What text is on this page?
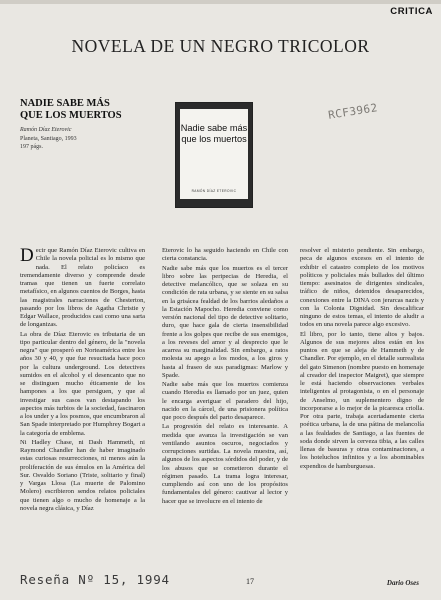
CRITICA
NOVELA DE UN NEGRO TRICOLOR
NADIE SABE MÁS
QUE LOS MUERTOS
Ramón Díaz Eterovic
Planeta, Santiago, 1993
197 págs.
Nadie sabe más
que los muertos
RAMÓN DÍAZ ETEROVIC
RCF3962

Decir que Ramón Díaz Eterovic cultiva en Chile la novela policial es lo mismo que nada. El relato policíaco es tremendamente diverso y comprende desde tramas que tienen un fuerte correlato metafísico, en algunos cuentos de Borges, hasta las magistrales narraciones de Chesterton, pasando por los libros de Agatha Christie y Edgar Wallace, producidos casi como una sarta de longanizas.

La obra de Díaz Eterovic es tributaria de un tipo particular dentro del género, de la "novela negra" que prosperó en Norteamérica entre los años 30 y 40, y que fue resucitada hace poco por la cultura underground. Los detectives sumidos en el alcohol y el desencanto que no se distinguen mucho éticamente de los hampones a los que persiguen, y que al investigar sus casos van destapando los aspectos más turbios de la sociedad, fascinaron a los under y a los posmos, que encumbraron al San Spade interpretado por Humphrey Bogart a la categoría de emblema.

Ni Hadley Chase, ni Dash Hammeth, ni Raymond Chandler han de haber imaginado estas curiosas resurrecciones, ni menos aún la proliferación de sus émulos en la América del Sur. Osvaldo Soriano (Triste, solitario y final) y Vargas Llosa (La muerte de Palomino Molero) escribieron sendos relatos policiales que tienen algo o mucho de homenaje a la novela negra clásica, y Díaz

Eterovic lo ha seguido haciendo en Chile con cierta constancia.

Nadie sabe más que los muertos es el tercer libro sobre las peripecias de Heredia, el detective melancólico, que se solaza en su condición de rata urbana, y se siente en su salsa en la grisácea fealdad de los barrios aledaños a la Estación Mapocho. Heredia conviene como versión nacional del tipo de detective solitario, duro, que hace gala de cierta insensibilidad frente a los golpes que recibe de sus enemigos, a los reveses del amor y al desprecio que le acarrea su marginalidad. Sin embargo, a ratos molesta su apego a los modos, a los giros y hasta al fraseo de sus paradigmas: Marlow y Spade.

Nadie sabe más que los muertos comienza cuando Heredia es llamado por un juez, quien le encarga averiguar el paradero del hijo, nacido en la cárcel, de una prisionera política que poco después del parto desaparece.

La progresión del relato es interesante. A medida que avanza la investigación se van ventilando asuntos oscuros, negociados y corrupciones surtidas. La novela muestra, así, algunos de los aspectos sórdidos del poder, y de los abusos que se cometieron durante el régimen pasado. La trama logra interesar, cumpliendo así con uno de los propósitos fundamentales del género: cautivar al lector y hacer que se involucre en el intento de

resolver el misterio pendiente. Sin embargo, peca de algunos excesos en el intento de exhibir el catastro completo de los motivos políticos y policiales más bullados del último tiempo: asesinatos de dirigentes sindicales, tráfico de niños, detenidos desaparecidos, conexiones entre la DINA con jerarcas nazis y con la Colonia Dignidad. Sin descalificar ninguno de estos temas, el intento de aludir a todos en una novela parece algo excesivo.

El libro, por lo tanto, tiene altos y bajos. Algunos de sus mejores altos están en los puntos en que se aleja de Hammeth y de Chandler. Por ejemplo, en el detalle surrealista del gato Simenon (nombre puesto en homenaje al creador del inspector Maigret), que siempre le está haciendo observaciones verbales inteligentes al protagonista, o en el personaje de Anselmo, un suplementero digno de incorporarse a lo mejor de la picaresca criolla. Por otra parte, trabaja acertadamente cierta poética urbana, la de una pátina de melancolía a las fealdades de Santiago, a las fuentes de soda donde sirven la cerveza tibia, a las calles llenas de basuras y otras contaminaciones, a los hoteluchos infinitos y a los abominables expendios de hamburguesas.

Dario Oses
Reseña Nº 15, 1994	17
